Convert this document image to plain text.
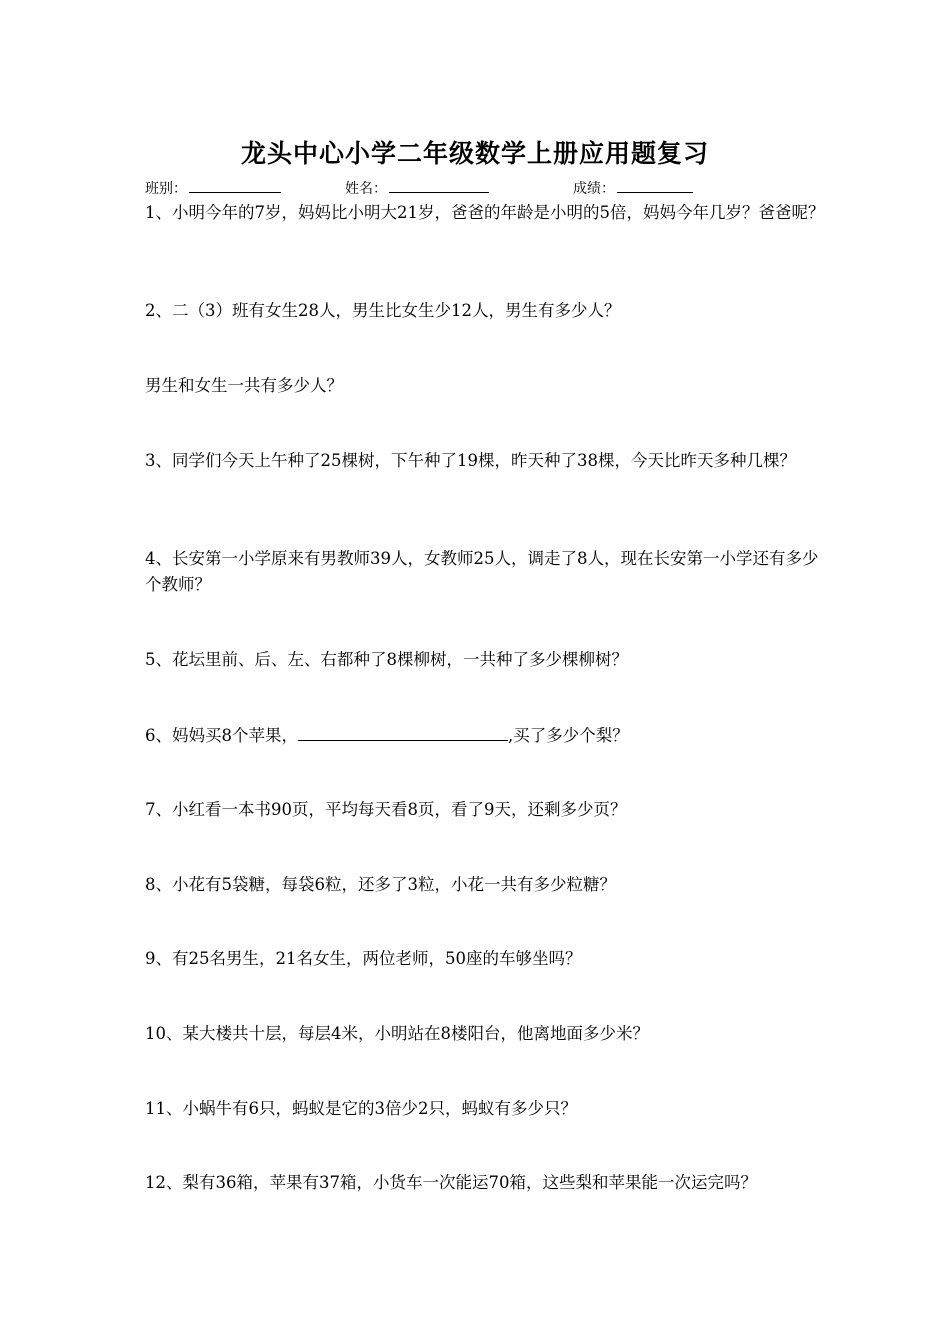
龙头中心小学二年级数学上册应用题复习
班别：	姓名：	成绩：
1、小明今年的7岁，妈妈比小明大21岁，爸爸的年龄是小明的5倍，妈妈今年几岁？爸爸呢？
2、二（3）班有女生28人，男生比女生少12人，男生有多少人？
男生和女生一共有多少人？
3、同学们今天上午种了25棵树，下午种了19棵，昨天种了38棵，今天比昨天多种几棵？
4、长安第一小学原来有男教师39人，女教师25人，调走了8人，现在长安第一小学还有多少个教师？
5、花坛里前、后、左、右都种了8棵柳树，一共种了多少棵柳树？
6、妈妈买8个苹果，	,买了多少个梨？
7、小红看一本书90页，平均每天看8页，看了9天，还剩多少页？
8、小花有5袋糖，每袋6粒，还多了3粒，小花一共有多少粒糖？
9、有25名男生，21名女生，两位老师，50座的车够坐吗？
10、某大楼共十层，每层4米，小明站在8楼阳台，他离地面多少米？
11、小蜗牛有6只，蚂蚁是它的3倍少2只，蚂蚁有多少只？
12、梨有36箱，苹果有37箱，小货车一次能运70箱，这些梨和苹果能一次运完吗？
